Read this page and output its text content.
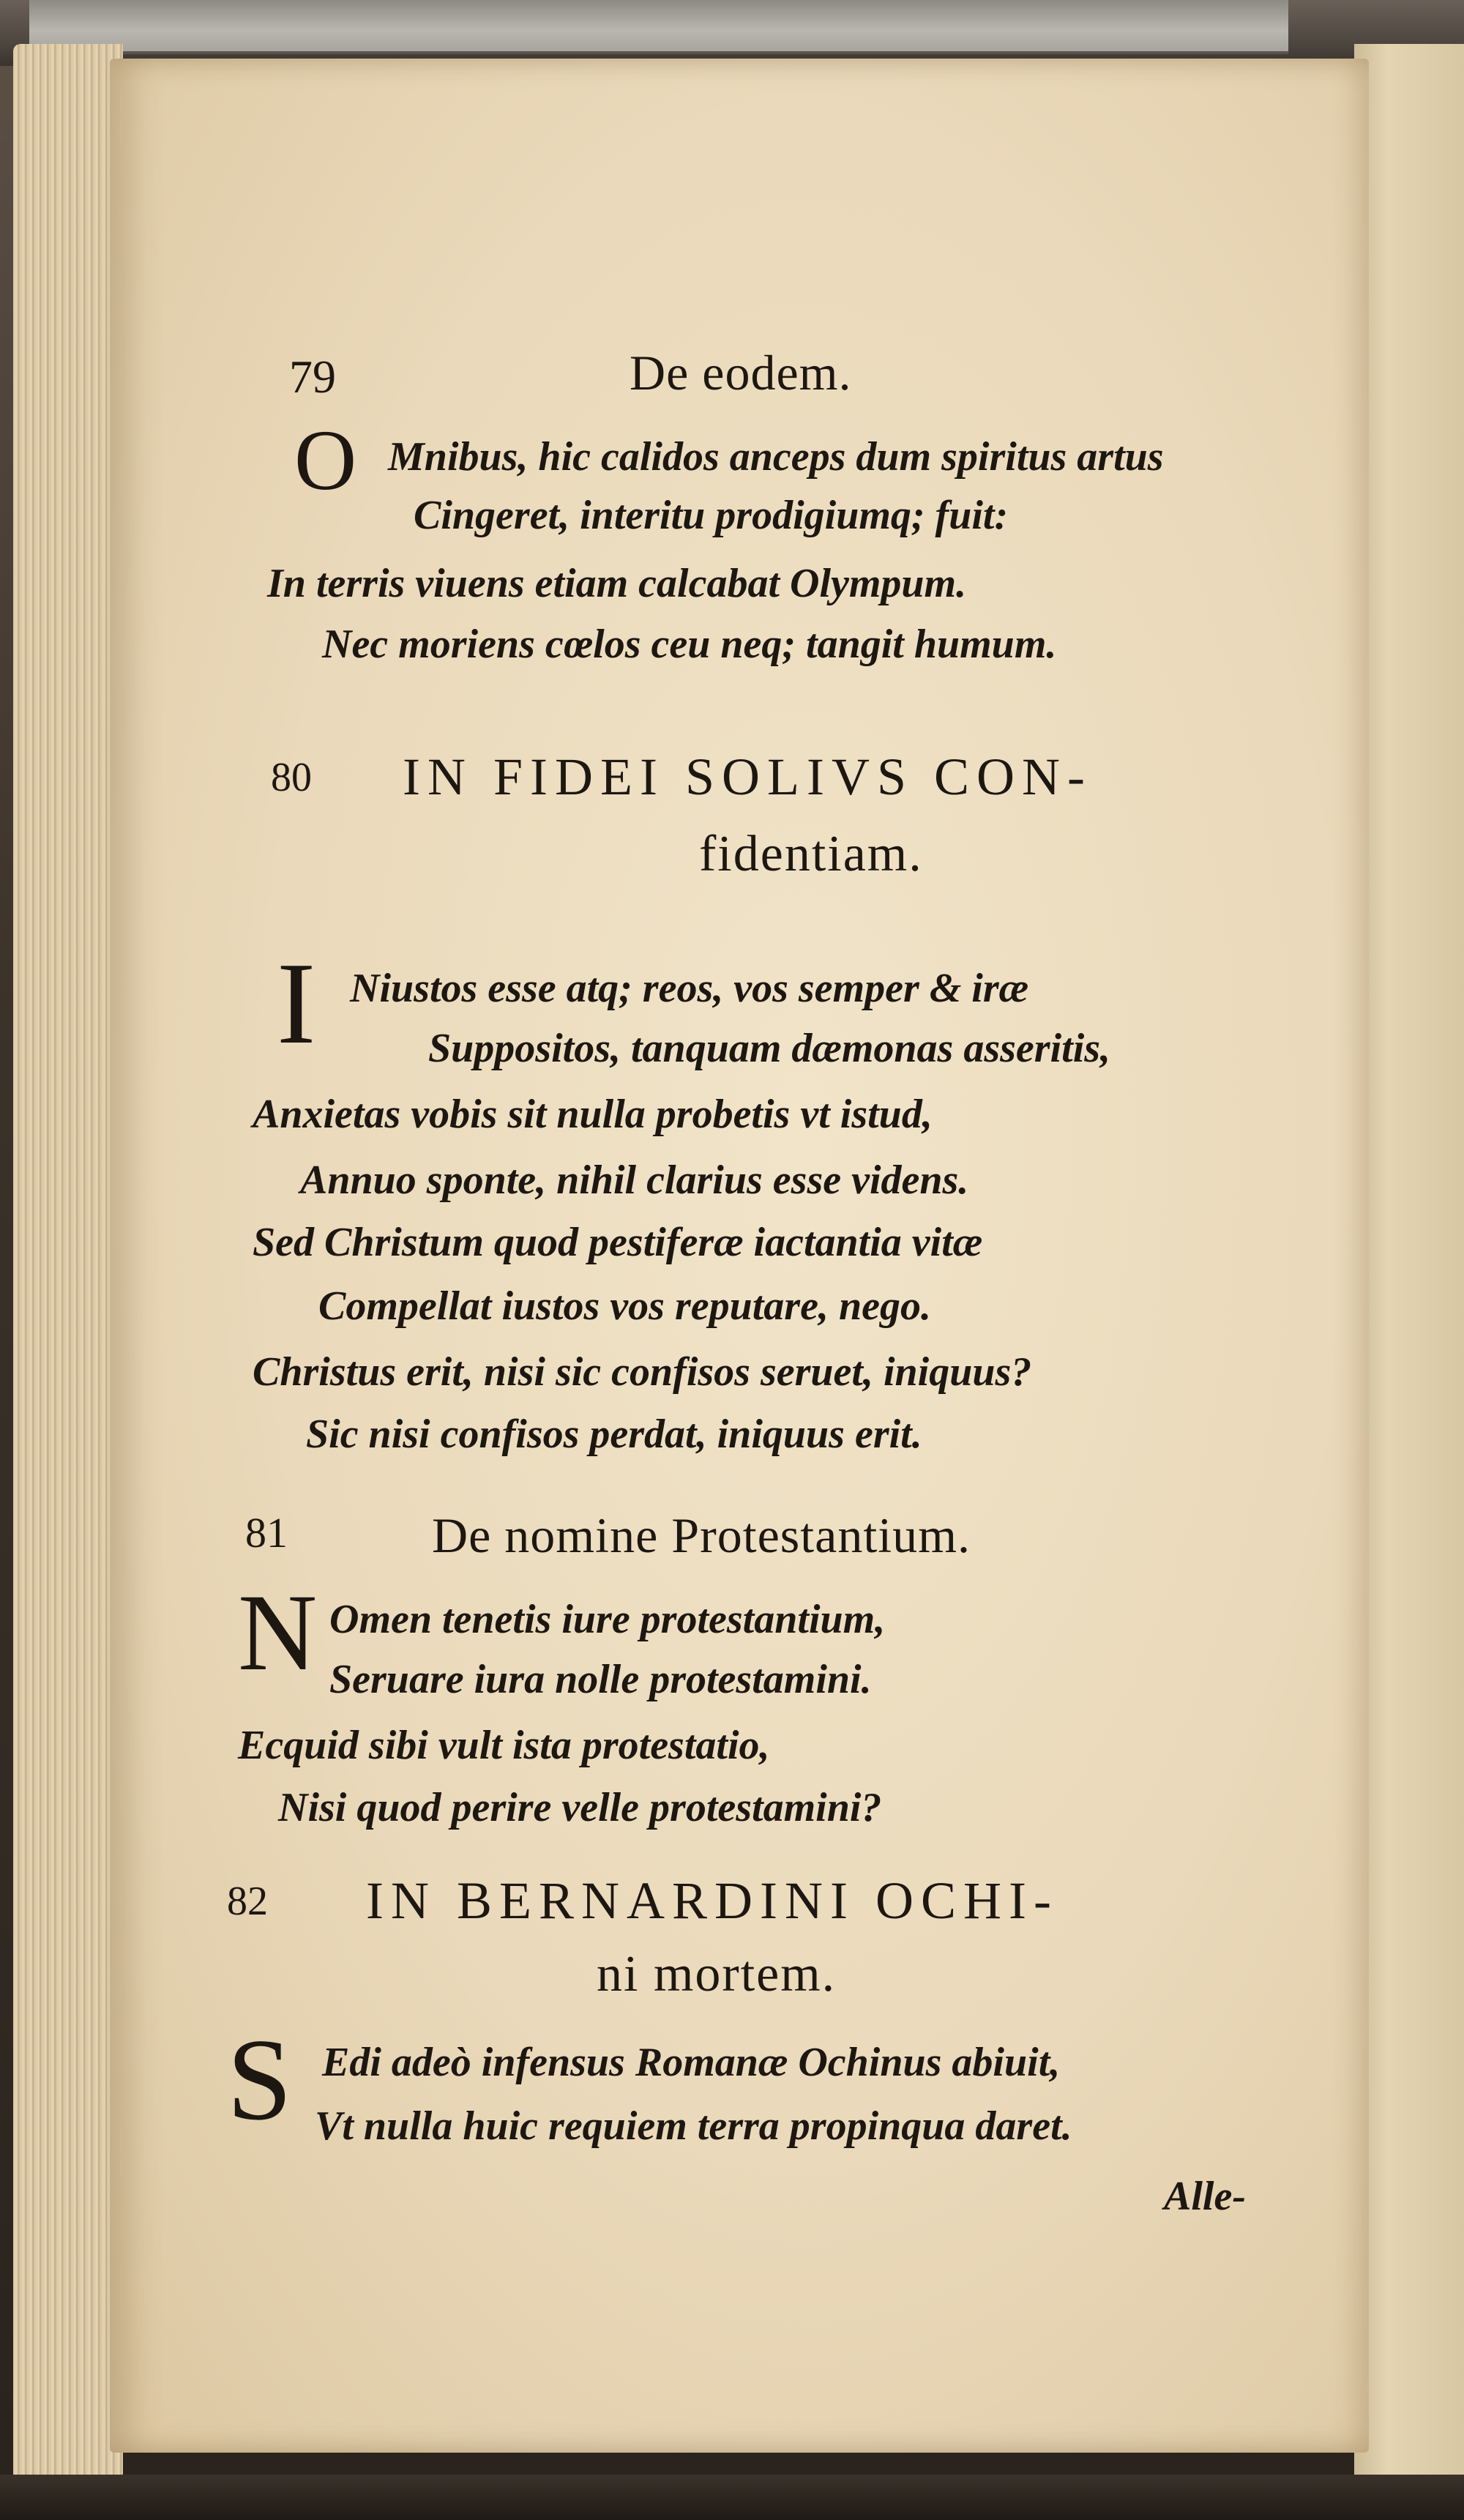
79	De eodem.
O Mnibus, hic calidos anceps dum spiritus artus
Cingeret, interitu prodigiumq; fuit:
In terris viuens etiam calcabat Olympum.
Nec moriens cœlos ceu neq; tangit humum.
80 IN FIDEI SOLIVS CON-
fidentiam.
I Niustos esse atq; reos, vos semper & iræ
Suppositos, tanquam dæmonas asseritis,
Anxietas vobis sit nulla probetis vt istud,
Annuo sponte, nihil clarius esse videns.
Sed Christum quod pestiferæ iactantia vitæ
Compellat iustos vos reputare, nego.
Christus erit, nisi sic confisos seruet, iniquus?
Sic nisi confisos perdat, iniquus erit.
81	De nomine Protestantium.
N Omen tenetis iure protestantium,
Seruare iura nolle protestamini.
Ecquid sibi vult ista protestatio,
Nisi quod perire velle protestamini?
82 IN BERNARDINI OCHI-
ni mortem.
S Edi adeò infensus Romanæ Ochinus abiuit,
Vt nulla huic requiem terra propinqua daret.
Alle-
